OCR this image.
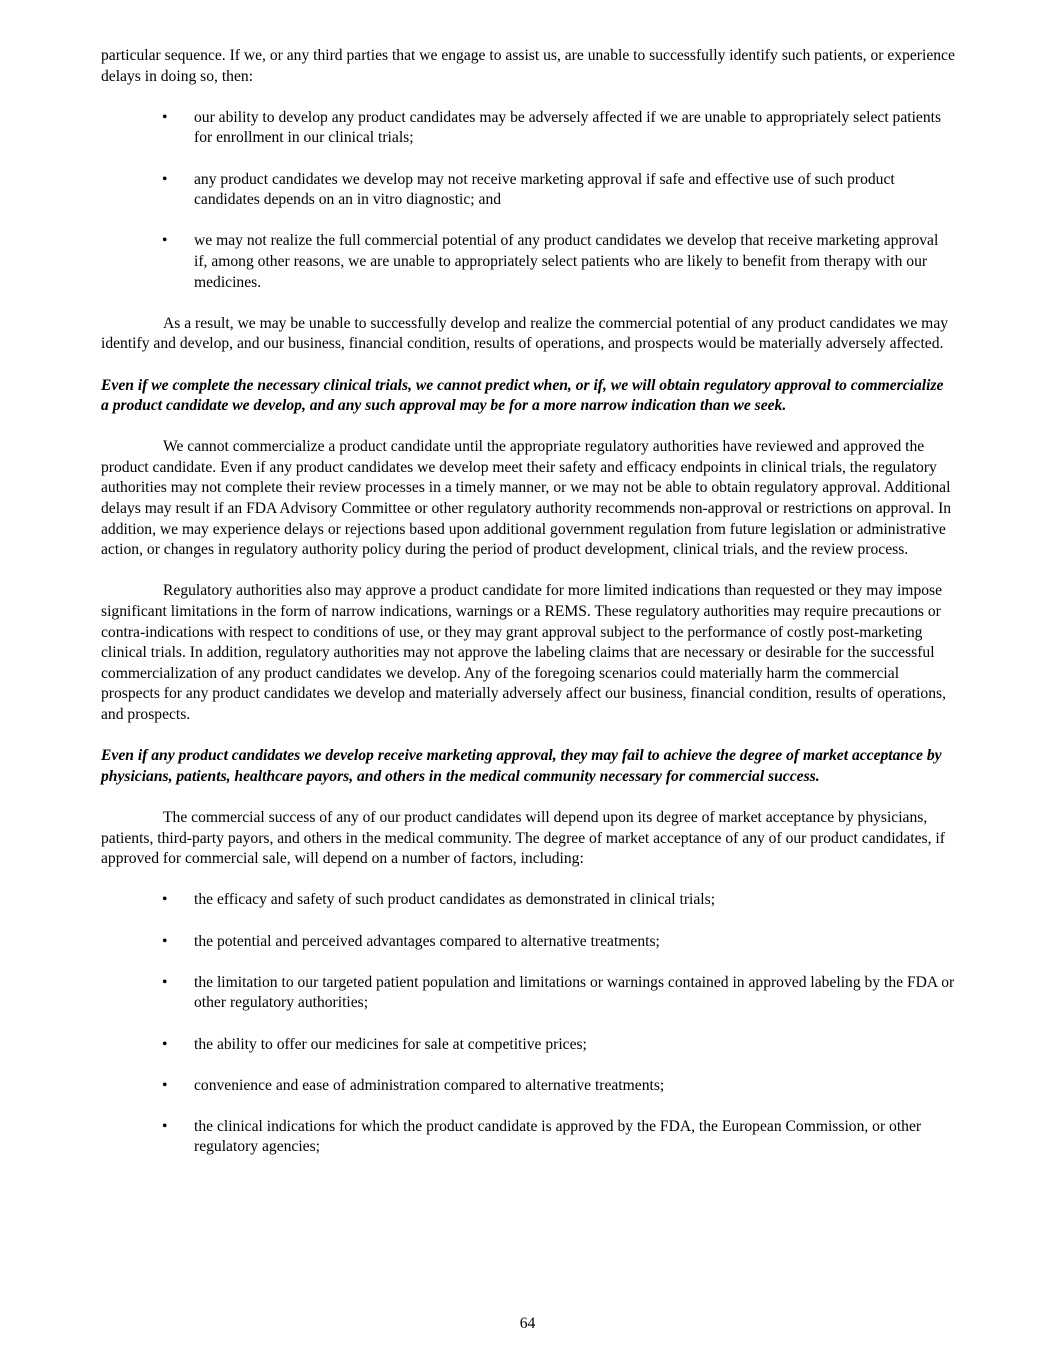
particular sequence. If we, or any third parties that we engage to assist us, are unable to successfully identify such patients, or experience delays in doing so, then:

• our ability to develop any product candidates may be adversely affected if we are unable to appropriately select patients for enrollment in our clinical trials;
• any product candidates we develop may not receive marketing approval if safe and effective use of such product candidates depends on an in vitro diagnostic; and
• we may not realize the full commercial potential of any product candidates we develop that receive marketing approval if, among other reasons, we are unable to appropriately select patients who are likely to benefit from therapy with our medicines.

As a result, we may be unable to successfully develop and realize the commercial potential of any product candidates we may identify and develop, and our business, financial condition, results of operations, and prospects would be materially adversely affected.

Even if we complete the necessary clinical trials, we cannot predict when, or if, we will obtain regulatory approval to commercialize a product candidate we develop, and any such approval may be for a more narrow indication than we seek.

We cannot commercialize a product candidate until the appropriate regulatory authorities have reviewed and approved the product candidate. Even if any product candidates we develop meet their safety and efficacy endpoints in clinical trials, the regulatory authorities may not complete their review processes in a timely manner, or we may not be able to obtain regulatory approval. Additional delays may result if an FDA Advisory Committee or other regulatory authority recommends non-approval or restrictions on approval. In addition, we may experience delays or rejections based upon additional government regulation from future legislation or administrative action, or changes in regulatory authority policy during the period of product development, clinical trials, and the review process.

Regulatory authorities also may approve a product candidate for more limited indications than requested or they may impose significant limitations in the form of narrow indications, warnings or a REMS. These regulatory authorities may require precautions or contra-indications with respect to conditions of use, or they may grant approval subject to the performance of costly post-marketing clinical trials. In addition, regulatory authorities may not approve the labeling claims that are necessary or desirable for the successful commercialization of any product candidates we develop. Any of the foregoing scenarios could materially harm the commercial prospects for any product candidates we develop and materially adversely affect our business, financial condition, results of operations, and prospects.

Even if any product candidates we develop receive marketing approval, they may fail to achieve the degree of market acceptance by physicians, patients, healthcare payors, and others in the medical community necessary for commercial success.

The commercial success of any of our product candidates will depend upon its degree of market acceptance by physicians, patients, third-party payors, and others in the medical community. The degree of market acceptance of any of our product candidates, if approved for commercial sale, will depend on a number of factors, including:

• the efficacy and safety of such product candidates as demonstrated in clinical trials;
• the potential and perceived advantages compared to alternative treatments;
• the limitation to our targeted patient population and limitations or warnings contained in approved labeling by the FDA or other regulatory authorities;
• the ability to offer our medicines for sale at competitive prices;
• convenience and ease of administration compared to alternative treatments;
• the clinical indications for which the product candidate is approved by the FDA, the European Commission, or other regulatory agencies;
64
